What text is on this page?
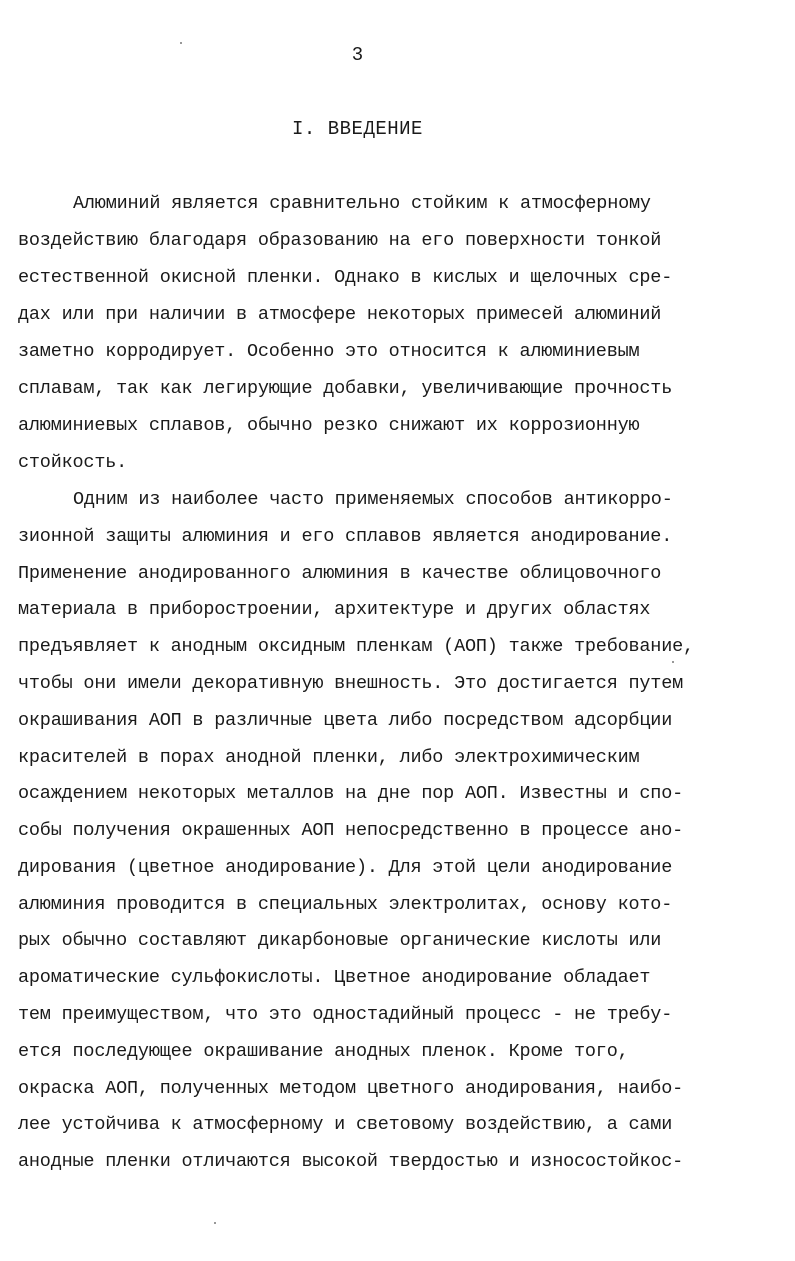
3
I. ВВЕДЕНИЕ
Алюминий является сравнительно стойким к атмосферному
воздействию благодаря образованию на его поверхности тонкой
естественной окисной пленки. Однако в кислых и щелочных сре-
дах или при наличии в атмосфере некоторых примесей алюминий
заметно корродирует. Особенно это относится к алюминиевым
сплавам, так как легирующие добавки, увеличивающие прочность
алюминиевых сплавов, обычно резко снижают их коррозионную
стойкость.
Одним из наиболее часто применяемых способов антикорро-
зионной защиты алюминия и его сплавов является анодирование.
Применение анодированного алюминия в качестве облицовочного
материала в приборостроении, архитектуре и других областях
предъявляет к анодным оксидным пленкам (АОП) также требование,
чтобы они имели декоративную внешность. Это достигается путем
окрашивания АОП в различные цвета либо посредством адсорбции
красителей в порах анодной пленки, либо электрохимическим
осаждением некоторых металлов на дне пор АОП. Известны и спо-
собы получения окрашенных АОП непосредственно в процессе ано-
дирования (цветное анодирование). Для этой цели анодирование
алюминия проводится в специальных электролитах, основу кото-
рых обычно составляют дикарбоновые органические кислоты или
ароматические сульфокислоты. Цветное анодирование обладает
тем преимуществом, что это одностадийный процесс - не требу-
ется последующее окрашивание анодных пленок. Кроме того,
окраска АОП, полученных методом цветного анодирования, наибо-
лее устойчива к атмосферному и световому воздействию, а сами
анодные пленки отличаются высокой твердостью и износостойкос-
